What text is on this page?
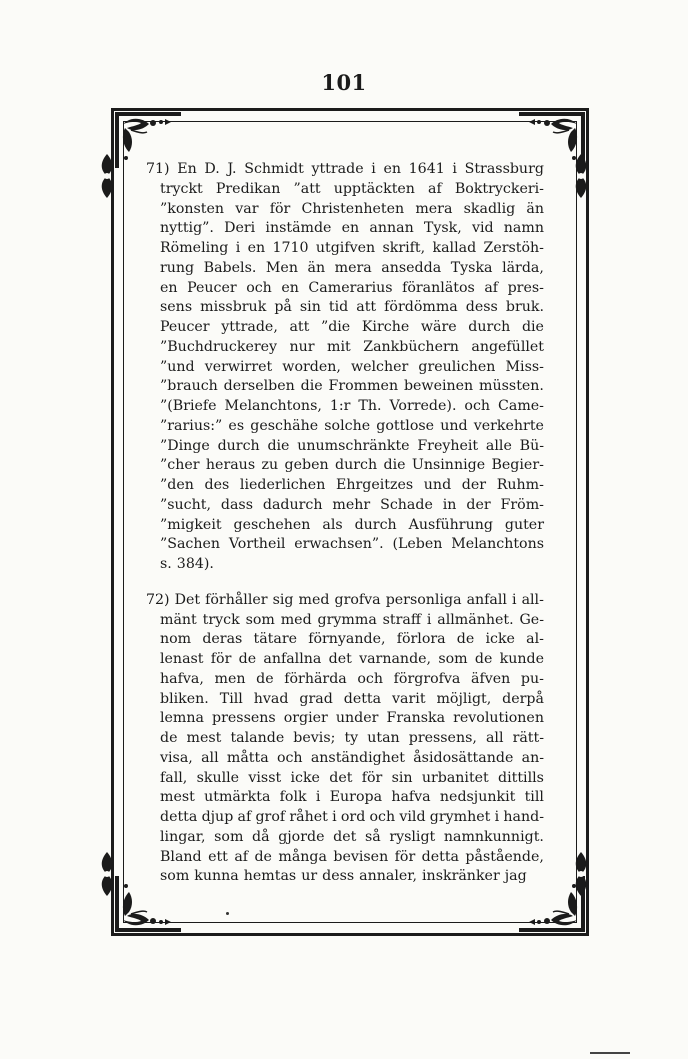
101
71) En D. J. Schmidt yttrade i en 1641 i Strassburg
tryckt Predikan ”att upptäckten af Boktryckeri-
”konsten var för Christenheten mera skadlig än
nyttig”. Deri instämde en annan Tysk, vid namn
Römeling i en 1710 utgifven skrift, kallad Zerstöh-
rung Babels. Men än mera ansedda Tyska lärda,
en Peucer och en Camerarius föranlätos af pres-
sens missbruk på sin tid att fördömma dess bruk.
Peucer yttrade, att ”die Kirche wäre durch die
”Buchdruckerey nur mit Zankbüchern angefüllet
”und verwirret worden, welcher greulichen Miss-
”brauch derselben die Frommen beweinen müssten.
”(Briefe Melanchtons, 1:r Th. Vorrede). och Came-
”rarius:” es geschähe solche gottlose und verkehrte
”Dinge durch die unumschränkte Freyheit alle Bü-
”cher heraus zu geben durch die Unsinnige Begier-
”den des liederlichen Ehrgeitzes und der Ruhm-
”sucht, dass dadurch mehr Schade in der Fröm-
”migkeit geschehen als durch Ausführung guter
”Sachen Vortheil erwachsen”. (Leben Melanchtons
s. 384).
72) Det förhåller sig med grofva personliga anfall i all-
mänt tryck som med grymma straff i allmänhet. Ge-
nom deras tätare förnyande, förlora de icke al-
lenast för de anfallna det varnande, som de kunde
hafva, men de förhärda och förgrofva äfven pu-
bliken. Till hvad grad detta varit möjligt, derpå
lemna pressens orgier under Franska revolutionen
de mest talande bevis; ty utan pressens, all rätt-
visa, all måtta och anständighet åsidosättande an-
fall, skulle visst icke det för sin urbanitet dittills
mest utmärkta folk i Europa hafva nedsjunkit till
detta djup af grof råhet i ord och vild grymhet i hand-
lingar, som då gjorde det så rysligt namnkunnigt.
Bland ett af de många bevisen för detta påstående,
som kunna hemtas ur dess annaler, inskränker jag
